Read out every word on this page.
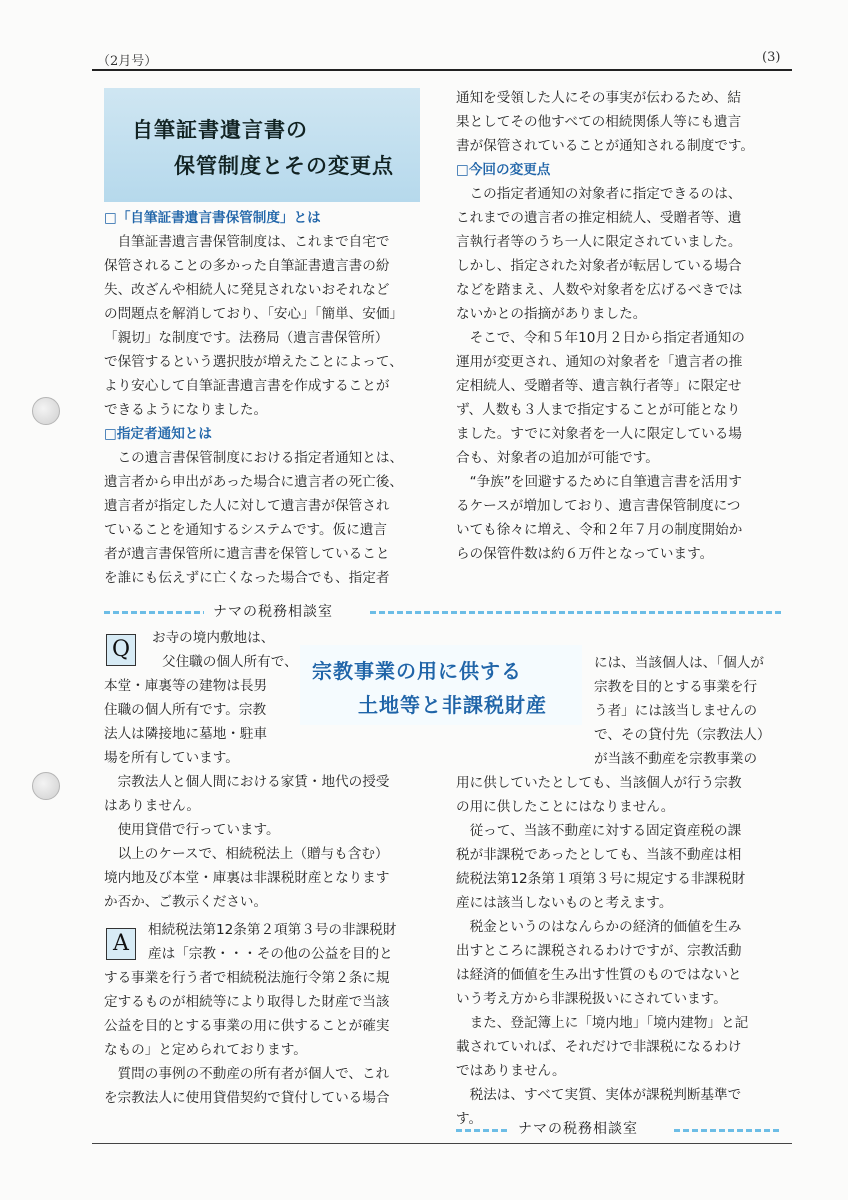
（2月号）	(3)
自筆証書遺言書の
保管制度とその変更点
□「自筆証書遺言書保管制度」とは

自筆証書遺言書保管制度は、これまで自宅で

保管されることの多かった自筆証書遺言書の紛

失、改ざんや相続人に発見されないおそれなど

の問題点を解消しており、「安心」「簡単、安価」

「親切」な制度です。法務局（遺言書保管所）

で保管するという選択肢が増えたことによって、

より安心して自筆証書遺言書を作成することが

できるようになりました。

□指定者通知とは

この遺言書保管制度における指定者通知とは、

遺言者から申出があった場合に遺言者の死亡後、

遺言者が指定した人に対して遺言書が保管され

ていることを通知するシステムです。仮に遺言

者が遺言書保管所に遺言書を保管していること

を誰にも伝えずに亡くなった場合でも、指定者

通知を受領した人にその事実が伝わるため、結

果としてその他すべての相続関係人等にも遺言

書が保管されていることが通知される制度です。

□今回の変更点

この指定者通知の対象者に指定できるのは、

これまでの遺言者の推定相続人、受贈者等、遺

言執行者等のうち一人に限定されていました。

しかし、指定された対象者が転居している場合

などを踏まえ、人数や対象者を広げるべきでは

ないかとの指摘がありました。

そこで、令和５年10月２日から指定者通知の

運用が変更され、通知の対象者を「遺言者の推

定相続人、受贈者等、遺言執行者等」に限定せ

ず、人数も３人まで指定することが可能となり

ました。すでに対象者を一人に限定している場

合も、対象者の追加が可能です。

“争族”を回避するために自筆遺言書を活用す

るケースが増加しており、遺言書保管制度につ

いても徐々に増え、令和２年７月の制度開始か

らの保管件数は約６万件となっています。

ナマの税務相談室
宗教事業の用に供する
土地等と非課税財産
Q	お寺の境内敷地は、
父住職の個人所有で、
本堂・庫裏等の建物は長男
住職の個人所有です。宗教
法人は隣接地に墓地・駐車
場を所有しています。
　宗教法人と個人間における家賃・地代の授受
はありません。
　使用貸借で行っています。
　以上のケースで、相続税法上（贈与も含む）
境内地及び本堂・庫裏は非課税財産となります
か否か、ご教示ください。
A
相続税法第12条第２項第３号の非課税財
産は「宗教・・・その他の公益を目的と
する事業を行う者で相続税法施行令第２条に規
定するものが相続等により取得した財産で当該
公益を目的とする事業の用に供することが確実
なもの」と定められております。
　質問の事例の不動産の所有者が個人で、これ
を宗教法人に使用貸借契約で貸付している場合
には、当該個人は、「個人が
宗教を目的とする事業を行
う者」には該当しませんの
で、その貸付先（宗教法人）
が当該不動産を宗教事業の
用に供していたとしても、当該個人が行う宗教
の用に供したことにはなりません。
　従って、当該不動産に対する固定資産税の課
税が非課税であったとしても、当該不動産は相
続税法第12条第１項第３号に規定する非課税財
産には該当しないものと考えます。
　税金というのはなんらかの経済的価値を生み
出すところに課税されるわけですが、宗教活動
は経済的価値を生み出す性質のものではないと
いう考え方から非課税扱いにされています。
　また、登記簿上に「境内地」「境内建物」と記
載されていれば、それだけで非課税になるわけ
ではありません。
　税法は、すべて実質、実体が課税判断基準で
す。
ナマの税務相談室
